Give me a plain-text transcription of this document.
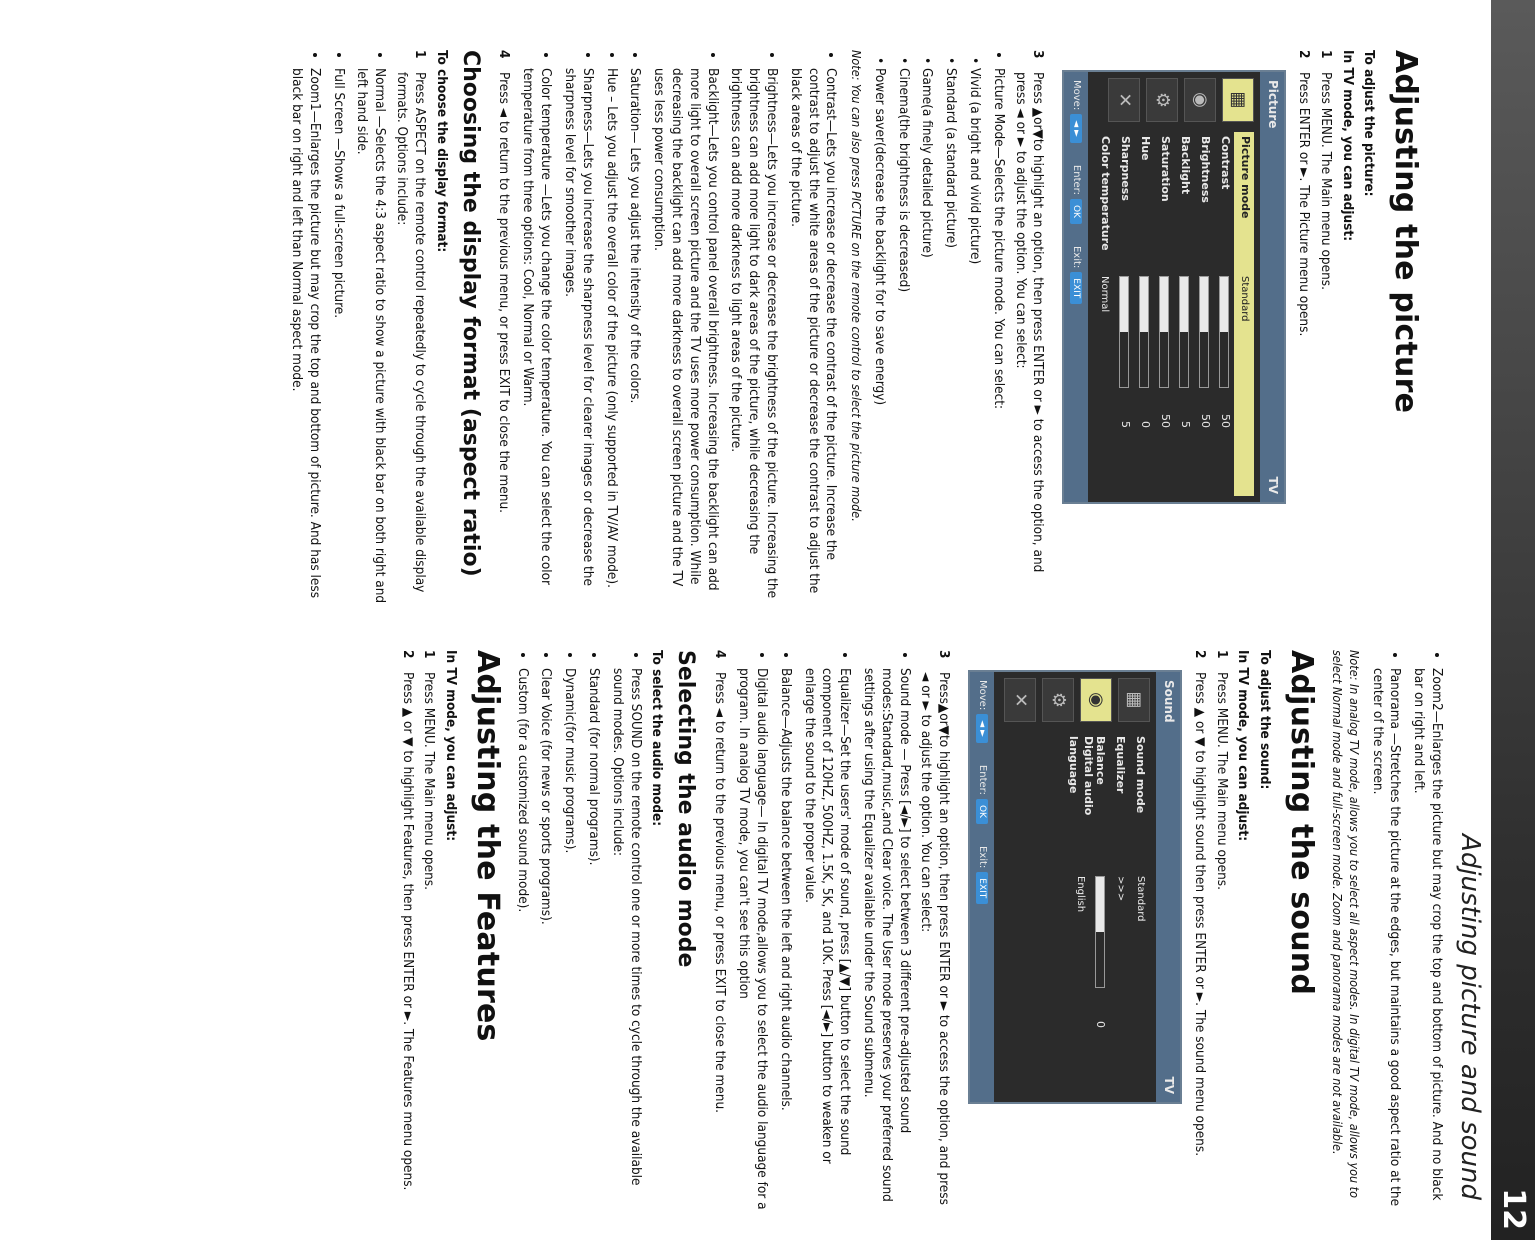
12
Adjusting picture and sound
Adjusting the picture

To adjust the picture:

In TV mode, you can adjust:

1
Press MENU. The Main menu opens.
2
Press ENTER or ►. The Picture menu opens.
Picture
TV
▦
◉
⚙
✕
Picture mode
Standard
Contrast
50
Brightness
50
Backlight
5
Saturation
50
Hue
0
Sharpness
5
Color temperature
Normal
Move:◄ ►
Enter:OK
Exit:EXIT
3
Press ▲or▼to highlight an option, then press ENTER or ► to access the option, and press ◄ or ► to adjust the option. You can select:
• Picture Mode—Selects the picture mode. You can select:
• Vivid (a bright and vivid picture)
• Standard (a standard picture)
• Game(a finely detailed picture)
• Cinema(the brightness is decreased)
• Power saver(decrease the backlight for to save energy)

Note: You can also press PICTURE on the remote control to select the picture mode.

• Contrast—Lets you increase or decrease the contrast of the picture. Increase the contrast to adjust the white areas of the picture or decrease the contrast to adjust the black areas of the picture.
• Brightness—Lets you increase or decrease the brightness of the picture. Increasing the brightness can add more light to dark areas of the picture, while decreasing the brightness can add more darkness to light areas of the picture.
• Backlight—Lets you control panel overall brightness. Increasing the backlight can add more light to overall screen picture and the TV uses more power consumption. While decreasing the backlight can add more darkness to overall screen picture and the TV uses less power consumption.
• Saturation— Lets you adjust the intensity of the colors.
• Hue – Lets you adjust the overall color of the picture (only supported in TV/AV mode).
• Sharpness—Lets you increase the sharpness level for clearer images or decrease the sharpness level for smoother images.
• Color temperature —Lets you change the color temperature. You can select the color temperature from three options: Cool, Normal or Warm.
4
Press ◄ to return to the previous menu, or press EXIT to close the menu.
Choosing the display format (aspect ratio)

To choose the display format:

1
Press ASPECT on the remote control repeatedly to cycle through the available display formats. Options include:
• Normal —Selects the 4:3 aspect ratio to show a picture with black bar on both right and left hand side.
• Full Screen —Shows a full-screen picture.
• Zoom1—Enlarges the picture but may crop the top and bottom of picture. And has less black bar on right and left than Normal aspect mode.
• Zoom2—Enlarges the picture but may crop the top and bottom of picture. And no black bar on right and left.
• Panorama —Stretches the picture at the edges, but maintains a good aspect ratio at the center of the screen.

Note: In analog TV mode, allows you to select all aspect modes. In digital TV mode, allows you to select Normal mode and full-screen mode. Zoom and panorama modes are not available.

Adjusting the sound

To adjust the sound:

In TV mode, you can adjust:

1
Press MENU. The Main menu opens.
2
Press ▲ or ▼ to highlight sound then press ENTER or ►. The sound menu opens.
Sound
TV
▦
◉
⚙
✕
Sound mode
Standard
Equalizer
>>>
Balance
0
Digital audio language
English
Move:◄ ►
Enter:OK
Exit:EXIT
3
Press▲or▼to highlight an option, then press ENTER or ► to access the option, and press ◄ or ► to adjust the option. You can select:
• Sound mode — Press [◄/►] to select between 3 different pre-adjusted sound modes:Standard,music,and Clear voice. The User mode preserves your preferred sound settings after using the Equalizer available under the Sound submenu.
• Equalizer—Set the users' mode of sound, press [▲/▼] button to select the sound component of 120HZ, 500HZ, 1.5K, 5K, and 10K. Press [◄/►] button to weaken or enlarge the sound to the proper value.
• Balance—Adjusts the balance between the left and right audio channels.
• Digital audio language— In digital TV mode,allows you to select the audio language for a program. In analog TV mode, you can't see this option
4
Press ◄ to return to the previous menu, or press EXIT to close the menu.
Selecting the audio mode

To select the audio mode:

• Press SOUND on the remote control one or more times to cycle through the available sound modes. Options include:
• Standard (for normal programs).
• Dynamic(for music programs).
• Clear Voice (for news or sports programs).
• Custom (for a customized sound mode).
Adjusting the Features

In TV mode, you can adjust:

1
Press MENU. The Main menu opens.
2
Press ▲ or ▼ to highlight Features, then press ENTER or ►. The Features menu opens.
